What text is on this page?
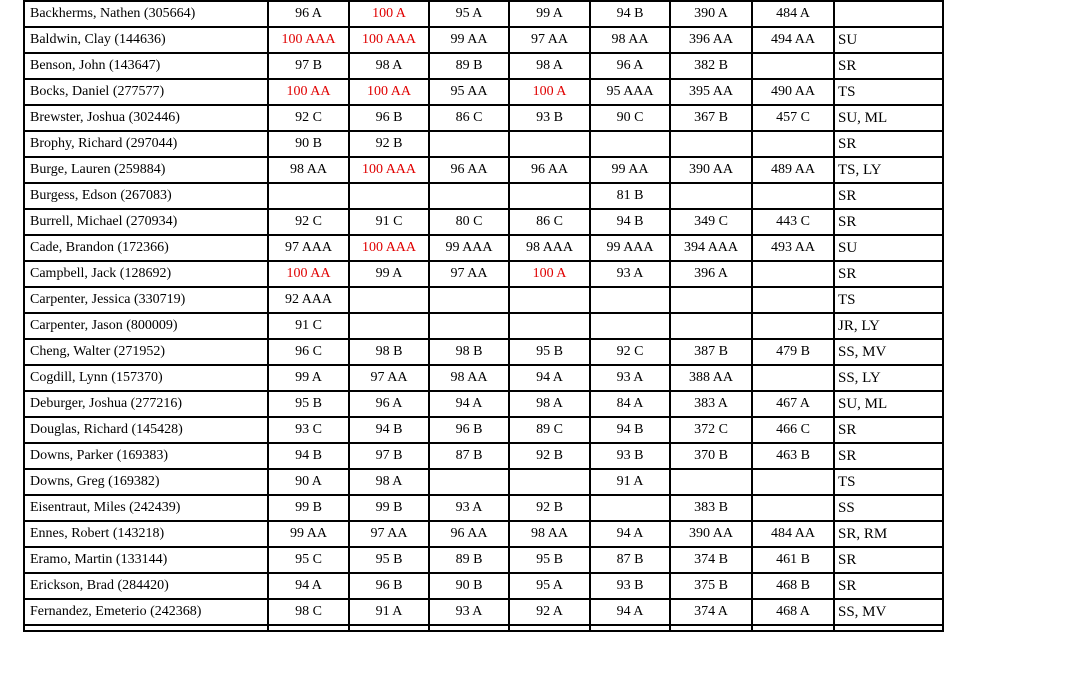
Backherms, Nathen (305664)	96 A	100 A	95 A	99 A	94 B	390 A	484 A	
Baldwin, Clay (144636)	100 AAA	100 AAA	99 AA	97 AA	98 AA	396 AA	494 AA	SU
Benson, John (143647)	97 B	98 A	89 B	98 A	96 A	382 B		SR
Bocks, Daniel (277577)	100 AA	100 AA	95 AA	100 A	95 AAA	395 AA	490 AA	TS
Brewster, Joshua (302446)	92 C	96 B	86 C	93 B	90 C	367 B	457 C	SU, ML
Brophy, Richard (297044)	90 B	92 B						SR
Burge, Lauren (259884)	98 AA	100 AAA	96 AA	96 AA	99 AA	390 AA	489 AA	TS, LY
Burgess, Edson (267083)					81 B			SR
Burrell, Michael (270934)	92 C	91 C	80 C	86 C	94 B	349 C	443 C	SR
Cade, Brandon (172366)	97 AAA	100 AAA	99 AAA	98 AAA	99 AAA	394 AAA	493 AA	SU
Campbell, Jack (128692)	100 AA	99 A	97 AA	100 A	93 A	396 A		SR
Carpenter, Jessica (330719)	92 AAA							TS
Carpenter, Jason (800009)	91 C							JR, LY
Cheng, Walter (271952)	96 C	98 B	98 B	95 B	92 C	387 B	479 B	SS, MV
Cogdill, Lynn (157370)	99 A	97 AA	98 AA	94 A	93 A	388 AA		SS, LY
Deburger, Joshua (277216)	95 B	96 A	94 A	98 A	84 A	383 A	467 A	SU, ML
Douglas, Richard (145428)	93 C	94 B	96 B	89 C	94 B	372 C	466 C	SR
Downs, Parker (169383)	94 B	97 B	87 B	92 B	93 B	370 B	463 B	SR
Downs, Greg (169382)	90 A	98 A			91 A			TS
Eisentraut, Miles (242439)	99 B	99 B	93 A	92 B		383 B		SS
Ennes, Robert (143218)	99 AA	97 AA	96 AA	98 AA	94 A	390 AA	484 AA	SR, RM
Eramo, Martin (133144)	95 C	95 B	89 B	95 B	87 B	374 B	461 B	SR
Erickson, Brad (284420)	94 A	96 B	90 B	95 A	93 B	375 B	468 B	SR
Fernandez, Emeterio (242368)	98 C	91 A	93 A	92 A	94 A	374 A	468 A	SS, MV
